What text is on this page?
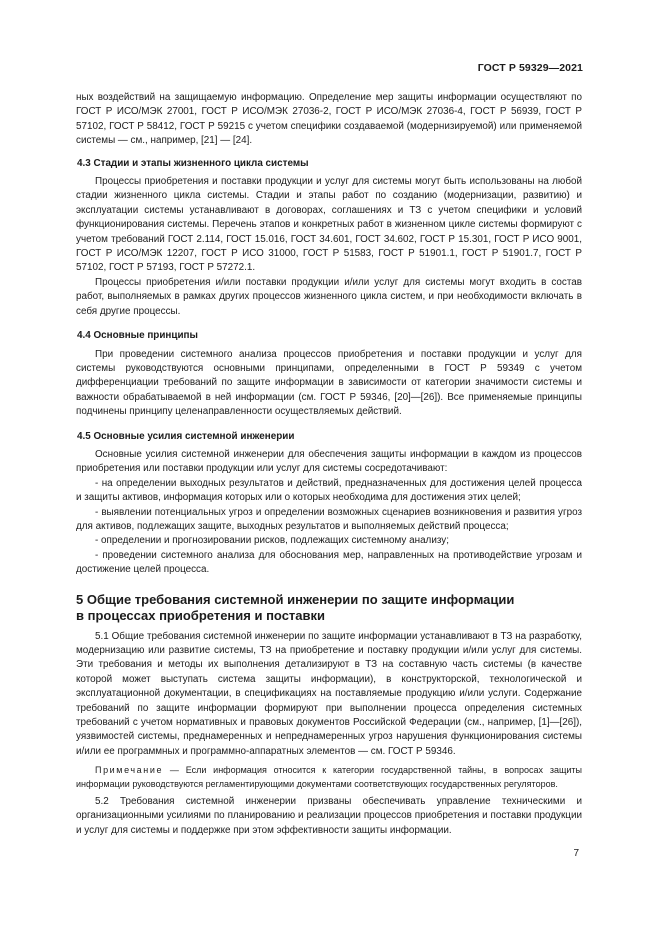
ГОСТ Р 59329—2021

ных воздействий на защищаемую информацию. Определение мер защиты информации осуществляют по ГОСТ Р ИСО/МЭК 27001, ГОСТ Р ИСО/МЭК 27036-2, ГОСТ Р ИСО/МЭК 27036-4, ГОСТ Р 56939, ГОСТ Р 57102, ГОСТ Р 58412, ГОСТ Р 59215 с учетом специфики создаваемой (модернизируемой) или применяемой системы — см., например, [21] — [24].

4.3 Стадии и этапы жизненного цикла системы

Процессы приобретения и поставки продукции и услуг для системы могут быть использованы на любой стадии жизненного цикла системы. Стадии и этапы работ по созданию (модернизации, развитию) и эксплуатации системы устанавливают в договорах, соглашениях и ТЗ с учетом специфики и условий функционирования системы. Перечень этапов и конкретных работ в жизненном цикле системы формируют с учетом требований ГОСТ 2.114, ГОСТ 15.016, ГОСТ 34.601, ГОСТ 34.602, ГОСТ Р 15.301, ГОСТ Р ИСО 9001, ГОСТ Р ИСО/МЭК 12207, ГОСТ Р ИСО 31000, ГОСТ Р 51583, ГОСТ Р 51901.1, ГОСТ Р 51901.7, ГОСТ Р 57102, ГОСТ Р 57193, ГОСТ Р 57272.1.

Процессы приобретения и/или поставки продукции и/или услуг для системы могут входить в состав работ, выполняемых в рамках других процессов жизненного цикла систем, и при необходимости включать в себя другие процессы.

4.4 Основные принципы

При проведении системного анализа процессов приобретения и поставки продукции и услуг для системы руководствуются основными принципами, определенными в ГОСТ Р 59349 с учетом дифференциации требований по защите информации в зависимости от категории значимости системы и важности обрабатываемой в ней информации (см. ГОСТ Р 59346, [20]—[26]). Все применяемые принципы подчинены принципу целенаправленности осуществляемых действий.

4.5 Основные усилия системной инженерии

Основные усилия системной инженерии для обеспечения защиты информации в каждом из процессов приобретения или поставки продукции или услуг для системы сосредотачивают:

- на определении выходных результатов и действий, предназначенных для достижения целей процесса и защиты активов, информация которых или о которых необходима для достижения этих целей;

- выявлении потенциальных угроз и определении возможных сценариев возникновения и развития угроз для активов, подлежащих защите, выходных результатов и выполняемых действий процесса;

- определении и прогнозировании рисков, подлежащих системному анализу;

- проведении системного анализа для обоснования мер, направленных на противодействие угрозам и достижение целей процесса.

5 Общие требования системной инженерии по защите информации
в процессах приобретения и поставки

5.1 Общие требования системной инженерии по защите информации устанавливают в ТЗ на разработку, модернизацию или развитие системы, ТЗ на приобретение и поставку продукции и/или услуг для системы. Эти требования и методы их выполнения детализируют в ТЗ на составную часть системы (в качестве которой может выступать система защиты информации), в конструкторской, технологической и эксплуатационной документации, в спецификациях на поставляемые продукцию и/или услуги. Содержание требований по защите информации формируют при выполнении процесса определения системных требований с учетом нормативных и правовых документов Российской Федерации (см., например, [1]—[26]), уязвимостей системы, преднамеренных и непреднамеренных угроз нарушения функционирования системы и/или ее программных и программно-аппаратных элементов — см. ГОСТ Р 59346.

Примечание — Если информация относится к категории государственной тайны, в вопросах защиты информации руководствуются регламентирующими документами соответствующих государственных регуляторов.

5.2 Требования системной инженерии призваны обеспечивать управление техническими и организационными усилиями по планированию и реализации процессов приобретения и поставки продукции и услуг для системы и поддержке при этом эффективности защиты информации.

7
